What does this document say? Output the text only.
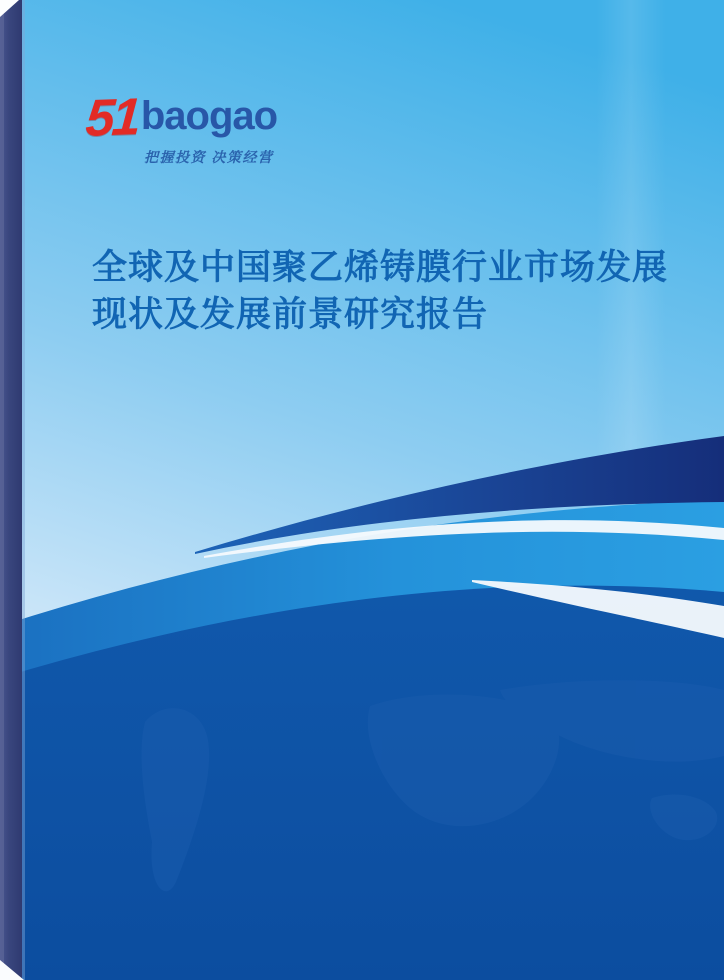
51 baogao
把握投资 决策经营
全球及中国聚乙烯铸膜行业市场发展
现状及发展前景研究报告
